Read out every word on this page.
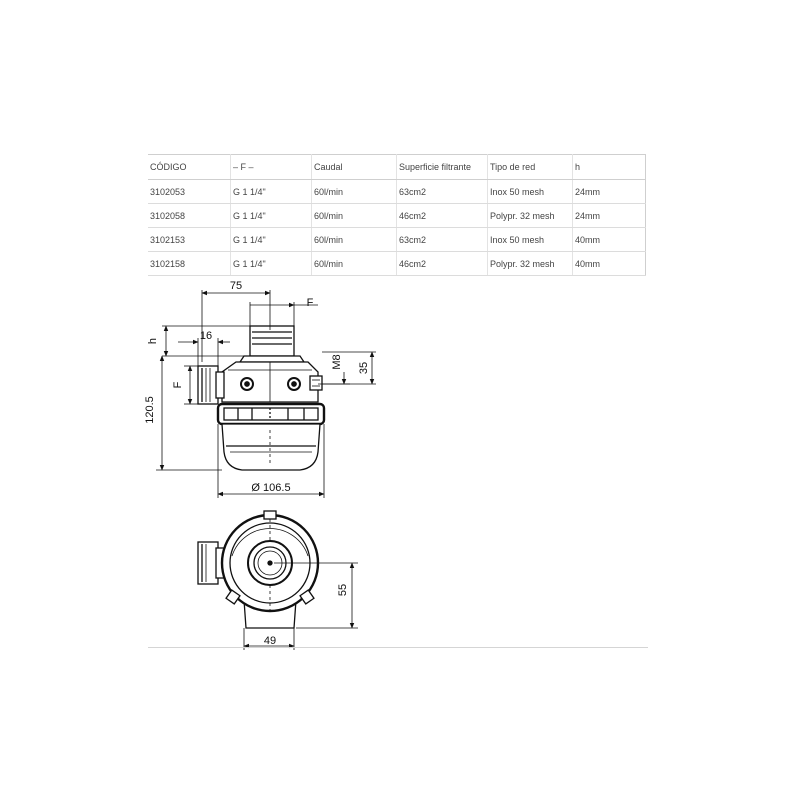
CÓDIGO	– F –	Caudal	Superficie filtrante	Tipo de red	h
3102053	G 1 1/4"	60l/min	63cm2	Inox 50 mesh	24mm
3102058	G 1 1/4"	60l/min	46cm2	Polypr. 32 mesh	24mm
3102153	G 1 1/4"	60l/min	63cm2	Inox 50 mesh	40mm
3102158	G 1 1/4"	60l/min	46cm2	Polypr. 32 mesh	40mm
75
F
h	16
F
120.5
M8 35
Ø 106.5
55
49
